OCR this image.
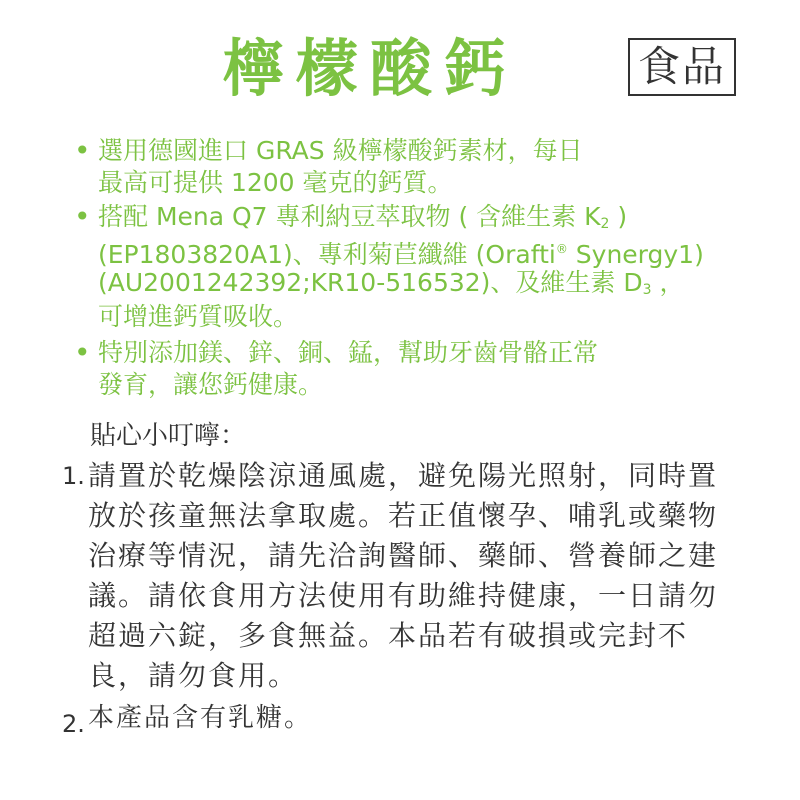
檸檬酸鈣	食品
• 選用德國進口 GRAS 級檸檬酸鈣素材，每日
最高可提供 1200 毫克的鈣質。
• 搭配 Mena Q7 專利納豆萃取物 ( 含維生素 $K_2$ )
(EP1803820A1)、專利菊苣纖維 (Orafti® Synergy1)
(AU2001242392;KR10-516532)、及維生素 $D_3$ ，
可增進鈣質吸收。
• 特別添加鎂、鋅、銅、錳，幫助牙齒骨骼正常
發育，讓您鈣健康。
貼心小叮嚀：
1. 請置於乾燥陰涼通風處，避免陽光照射，同時置
放於孩童無法拿取處。若正值懷孕、哺乳或藥物
治療等情況，請先洽詢醫師、藥師、營養師之建
議。請依食用方法使用有助維持健康，一日請勿
超過六錠，多食無益。本品若有破損或完封不
良，請勿食用。
2. 本產品含有乳糖。
